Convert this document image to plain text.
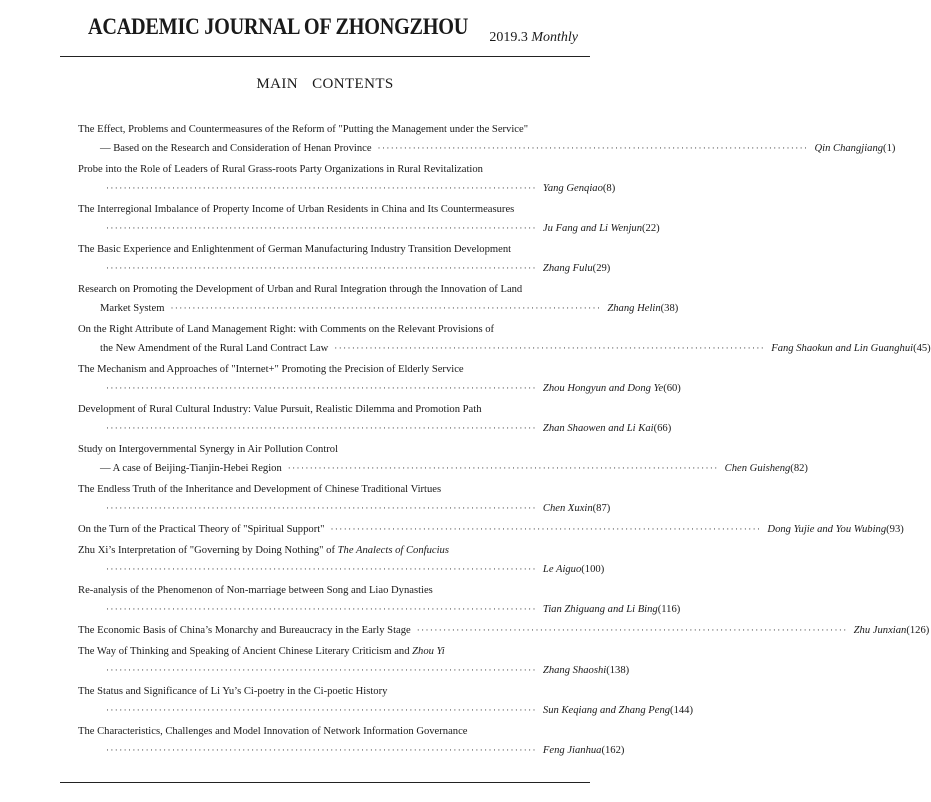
ACADEMIC JOURNAL OF ZHONGZHOU 2019.3 Monthly
MAIN CONTENTS
The Effect, Problems and Countermeasures of the Reform of "Putting the Management under the Service"
— Based on the Research and Consideration of Henan Province ·································································································· Qin Changjiang (1)
Probe into the Role of Leaders of Rural Grass-roots Party Organizations in Rural Revitalization
·································································································· Yang Genqiao (8)
The Interregional Imbalance of Property Income of Urban Residents in China and Its Countermeasures
·································································································· Ju Fang and Li Wenjun (22)
The Basic Experience and Enlightenment of German Manufacturing Industry Transition Development
·································································································· Zhang Fulu (29)
Research on Promoting the Development of Urban and Rural Integration through the Innovation of Land
Market System ·································································································· Zhang Helin (38)
On the Right Attribute of Land Management Right: with Comments on the Relevant Provisions of
the New Amendment of the Rural Land Contract Law ·································································································· Fang Shaokun and Lin Guanghui (45)
The Mechanism and Approaches of "Internet+" Promoting the Precision of Elderly Service
·································································································· Zhou Hongyun and Dong Ye (60)
Development of Rural Cultural Industry: Value Pursuit, Realistic Dilemma and Promotion Path
·································································································· Zhan Shaowen and Li Kai (66)
Study on Intergovernmental Synergy in Air Pollution Control
— A case of Beijing-Tianjin-Hebei Region ·································································································· Chen Guisheng (82)
The Endless Truth of the Inheritance and Development of Chinese Traditional Virtues
·································································································· Chen Xuxin (87)
On the Turn of the Practical Theory of "Spiritual Support" ·································································································· Dong Yujie and You Wubing (93)
Zhu Xi’s Interpretation of "Governing by Doing Nothing" of The Analects of Confucius
·································································································· Le Aiguo (100)
Re-analysis of the Phenomenon of Non-marriage between Song and Liao Dynasties
·································································································· Tian Zhiguang and Li Bing (116)
The Economic Basis of China’s Monarchy and Bureaucracy in the Early Stage ·································································································· Zhu Junxian (126)
The Way of Thinking and Speaking of Ancient Chinese Literary Criticism and Zhou Yi
·································································································· Zhang Shaoshi (138)
The Status and Significance of Li Yu’s Ci-poetry in the Ci-poetic History
·································································································· Sun Keqiang and Zhang Peng (144)
The Characteristics, Challenges and Model Innovation of Network Information Governance
·································································································· Feng Jianhua (162)
